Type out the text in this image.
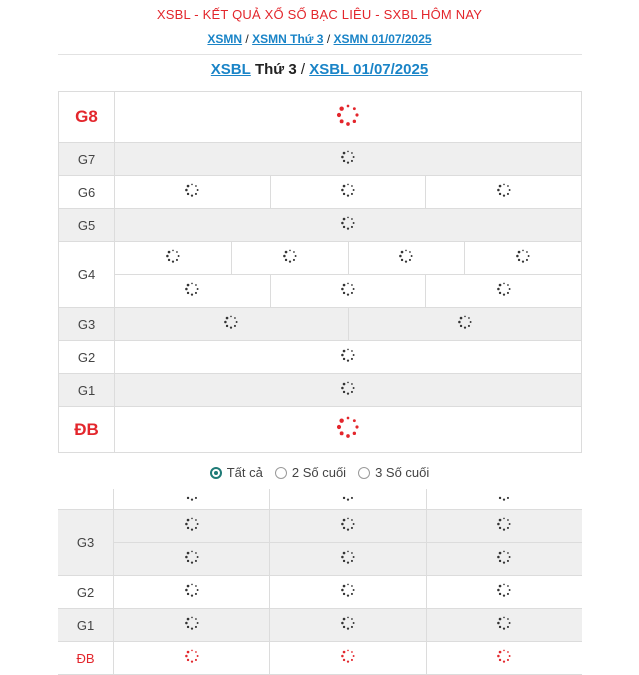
XSBL - KẾT QUẢ XỔ SỐ BẠC LIÊU - SXBL HÔM NAY
XSMN / XSMN Thứ 3 / XSMN 01/07/2025
XSBL Thứ 3 / XSBL 01/07/2025
G8
G7
G6
G5
G4
G3
G2
G1
ĐB
Tất cả 2 Số cuối 3 Số cuối
G3
G2
G1
ĐB
